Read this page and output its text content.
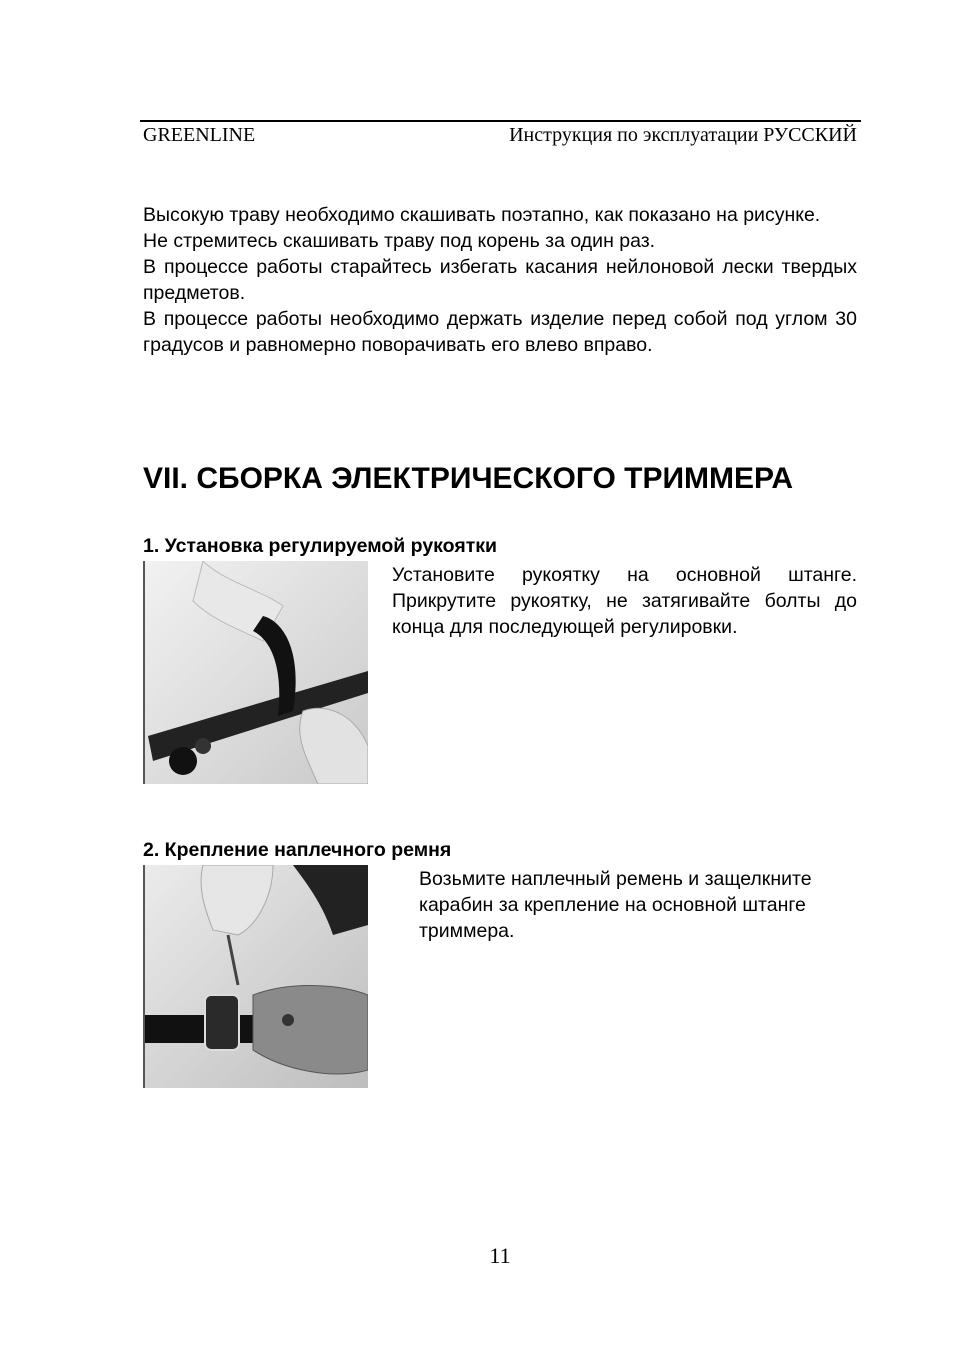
GREENLINE	Инструкция по эксплуатации РУССКИЙ

Высокую траву необходимо скашивать поэтапно, как показано на рисунке.

Не стремитесь скашивать траву под корень за один раз.

В процессе работы старайтесь избегать касания нейлоновой лески твердых предметов.

В процессе работы необходимо держать изделие перед собой под углом 30 градусов и равномерно поворачивать его влево вправо.

VII. СБОРКА ЭЛЕКТРИЧЕСКОГО ТРИММЕРА
1. Установка регулируемой рукоятки
Установите рукоятку на основной штанге. Прикрутите рукоятку, не затягивайте болты до конца для последующей регулировки.
2. Крепление наплечного ремня
Возьмите наплечный ремень и защелкните карабин за крепление на основной штанге триммера.
11
